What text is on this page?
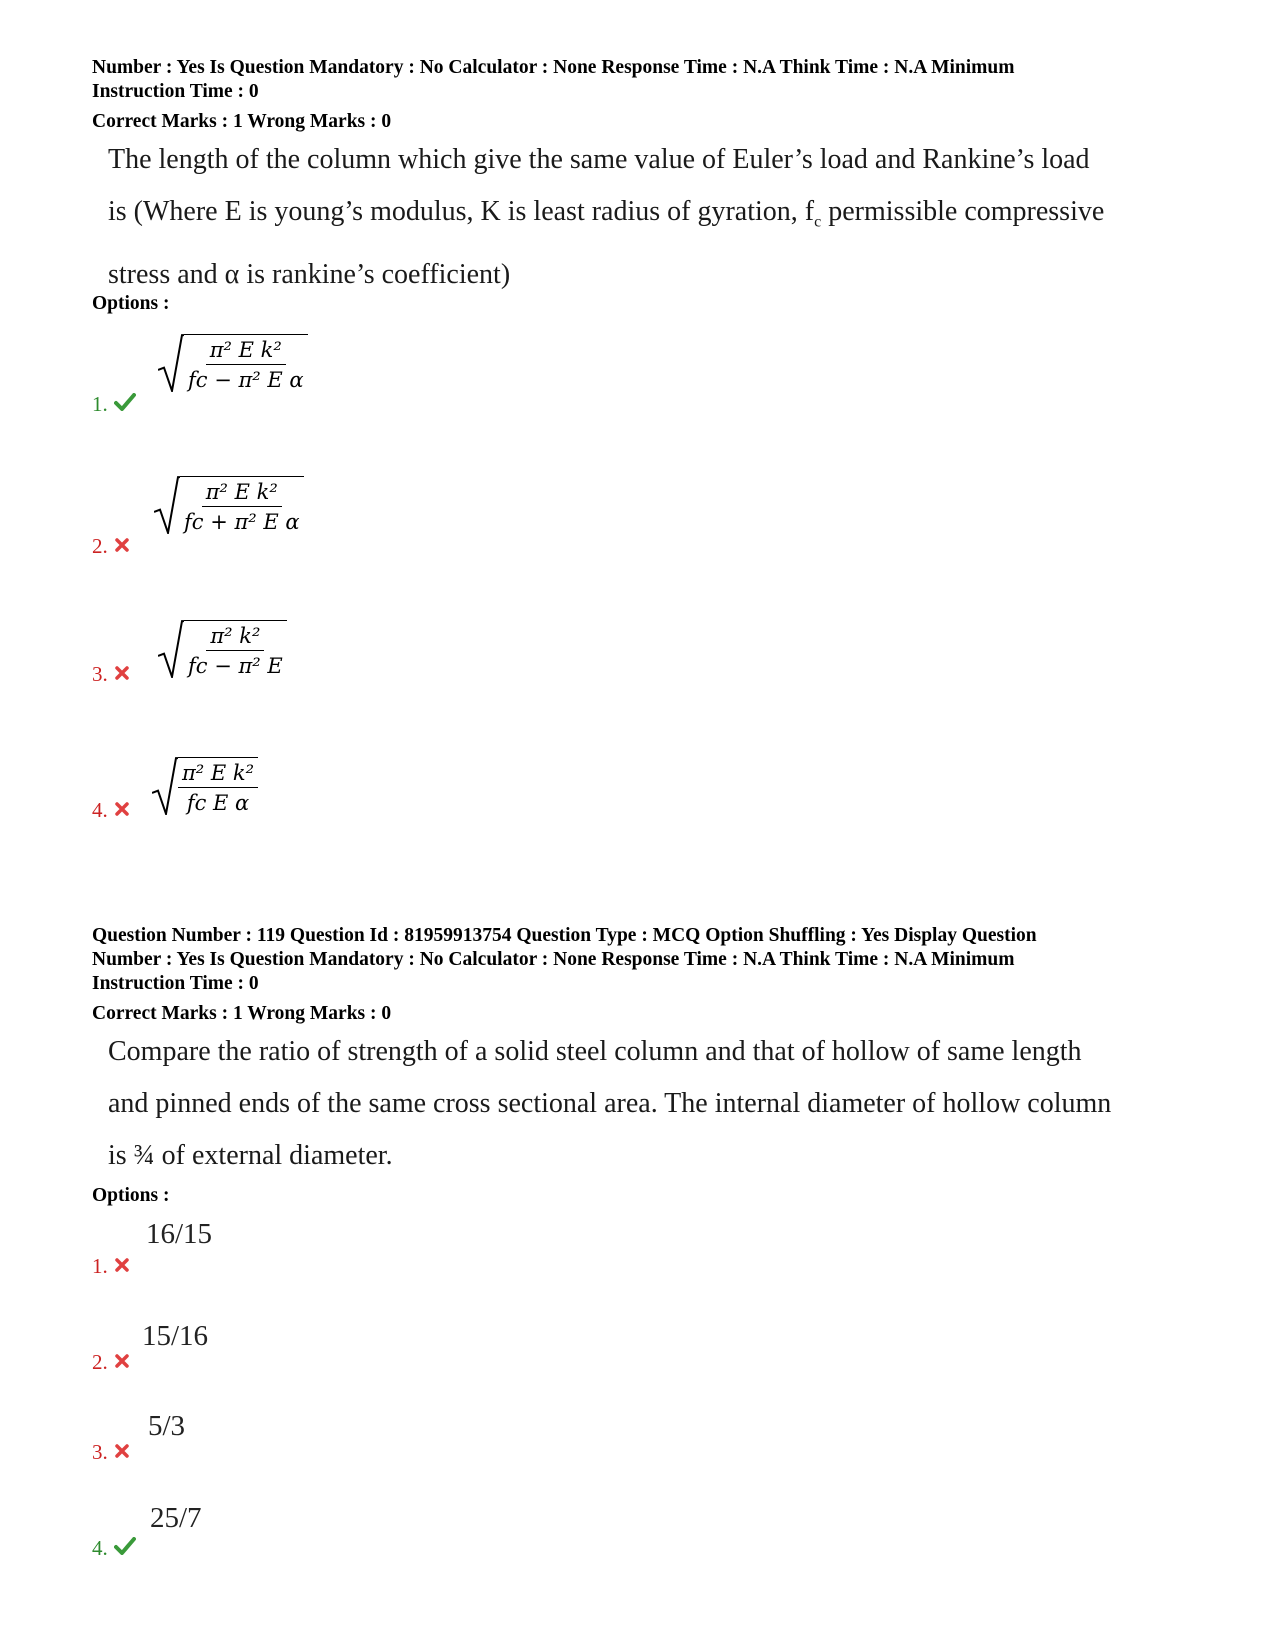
Number : Yes Is Question Mandatory : No Calculator : None Response Time : N.A Think Time : N.A Minimum
Instruction Time : 0
Correct Marks : 1 Wrong Marks : 0
The length of the column which give the same value of Euler’s load and Rankine’s load
is (Where E is young’s modulus, K is least radius of gyration, $f_c$ permissible compressive
stress and α is rankine’s coefficient)
Options :
$\frac{\text{π² E k²}}{\text{fc − π² E α}}$
1.
$\frac{\text{π² E k²}}{\text{fc + π² E α}}$
2.
$\frac{\text{π² k²}}{\text{fc − π² E}}$
3.
$\frac{\text{π² E k²}}{\text{fc E α}}$
4.
Question Number : 119 Question Id : 81959913754 Question Type : MCQ Option Shuffling : Yes Display Question
Number : Yes Is Question Mandatory : No Calculator : None Response Time : N.A Think Time : N.A Minimum
Instruction Time : 0
Correct Marks : 1 Wrong Marks : 0
Compare the ratio of strength of a solid steel column and that of hollow of same length
and pinned ends of the same cross sectional area. The internal diameter of hollow column
is ¾ of external diameter.
Options :
16/15
1.
15/16
2.
5/3
3.
25/7
4.
